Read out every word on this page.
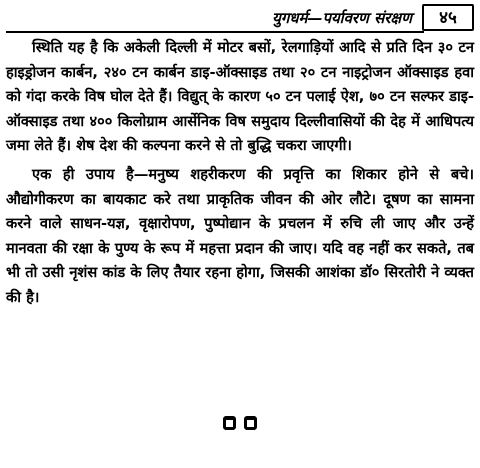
युगधर्म—पर्यावरण संरक्षण	४५

स्थिति यह है कि अकेली दिल्ली में मोटर बसों, रेलगाड़ियों आदि से प्रति दिन ३० टन हाइड्रोजन कार्बन, २४० टन कार्बन डाइ-ऑक्साइड तथा २० टन नाइट्रोजन ऑक्साइड हवा को गंदा करके विष घोल देते हैं। विद्युत् के कारण ५० टन पलाई ऐश, ७० टन सल्फर डाइ-ऑक्साइड तथा ४०० किलोग्राम आर्सेनिक विष समुदाय दिल्लीवासियों की देह में आधिपत्य जमा लेते हैं। शेष देश की कल्पना करने से तो बुद्धि चकरा जाएगी।

एक ही उपाय है—मनुष्य शहरीकरण की प्रवृत्ति का शिकार होने से बचे। औद्योगीकरण का बायकाट करे तथा प्राकृतिक जीवन की ओर लौटे। दूषण का सामना करने वाले साधन-यज्ञ, वृक्षारोपण, पुष्पोद्यान के प्रचलन में रुचि ली जाए और उन्हें मानवता की रक्षा के पुण्य के रूप में महत्ता प्रदान की जाए। यदि वह नहीं कर सकते, तब भी तो उसी नृशंस कांड के लिए तैयार रहना होगा, जिसकी आशंका डॉ० सिरतोरी ने व्यक्त की है।
